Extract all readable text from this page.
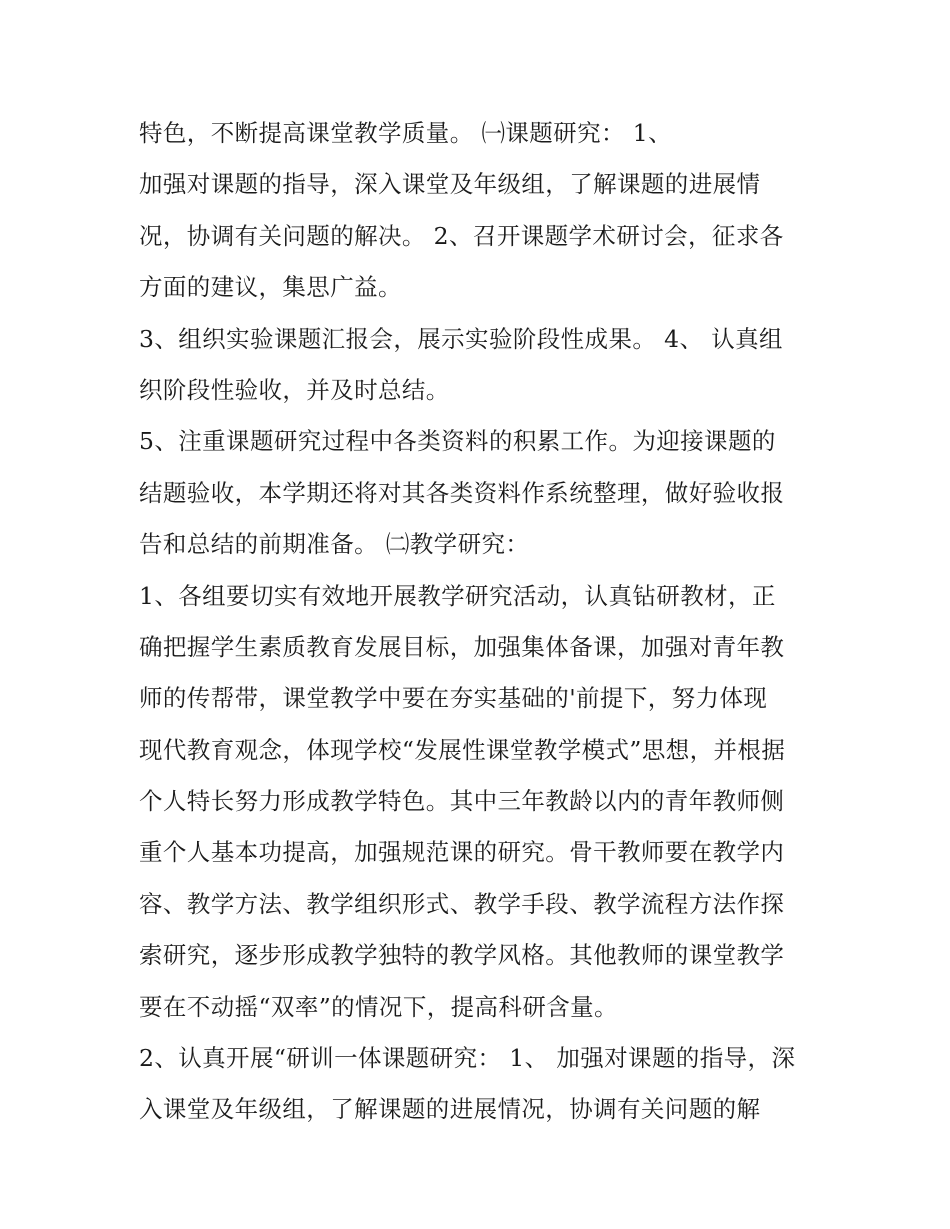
特色，不断提高课堂教学质量。 ㈠课题研究： 1、
加强对课题的指导，深入课堂及年级组，了解课题的进展情
况，协调有关问题的解决。 2、召开课题学术研讨会，征求各
方面的建议，集思广益。
3、组织实验课题汇报会，展示实验阶段性成果。 4、 认真组
织阶段性验收，并及时总结。
5、注重课题研究过程中各类资料的积累工作。为迎接课题的
结题验收，本学期还将对其各类资料作系统整理，做好验收报
告和总结的前期准备。 ㈡教学研究：
1、各组要切实有效地开展教学研究活动，认真钻研教材，正
确把握学生素质教育发展目标，加强集体备课，加强对青年教
师的传帮带，课堂教学中要在夯实基础的'前提下，努力体现
现代教育观念，体现学校“发展性课堂教学模式”思想，并根据
个人特长努力形成教学特色。其中三年教龄以内的青年教师侧
重个人基本功提高，加强规范课的研究。骨干教师要在教学内
容、教学方法、教学组织形式、教学手段、教学流程方法作探
索研究，逐步形成教学独特的教学风格。其他教师的课堂教学
要在不动摇“双率”的情况下，提高科研含量。
2、认真开展“研训一体课题研究： 1、 加强对课题的指导，深
入课堂及年级组，了解课题的进展情况，协调有关问题的解
